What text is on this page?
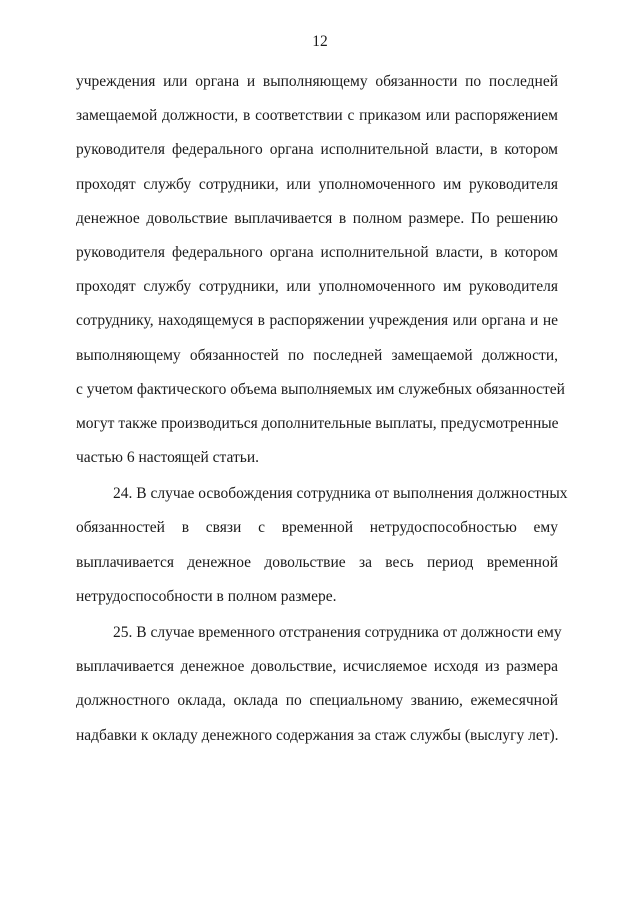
12
учреждения или органа и выполняющему обязанности по последней
замещаемой должности, в соответствии с приказом или распоряжением
руководителя федерального органа исполнительной власти, в котором
проходят службу сотрудники, или уполномоченного им руководителя
денежное довольствие выплачивается в полном размере. По решению
руководителя федерального органа исполнительной власти, в котором
проходят службу сотрудники, или уполномоченного им руководителя
сотруднику, находящемуся в распоряжении учреждения или органа и не
выполняющему обязанностей по последней замещаемой должности,
с учетом фактического объема выполняемых им служебных обязанностей
могут также производиться дополнительные выплаты, предусмотренные
частью 6 настоящей статьи.
24. В случае освобождения сотрудника от выполнения должностных
обязанностей в связи с временной нетрудоспособностью ему
выплачивается денежное довольствие за весь период временной
нетрудоспособности в полном размере.
25. В случае временного отстранения сотрудника от должности ему
выплачивается денежное довольствие, исчисляемое исходя из размера
должностного оклада, оклада по специальному званию, ежемесячной
надбавки к окладу денежного содержания за стаж службы (выслугу лет).
